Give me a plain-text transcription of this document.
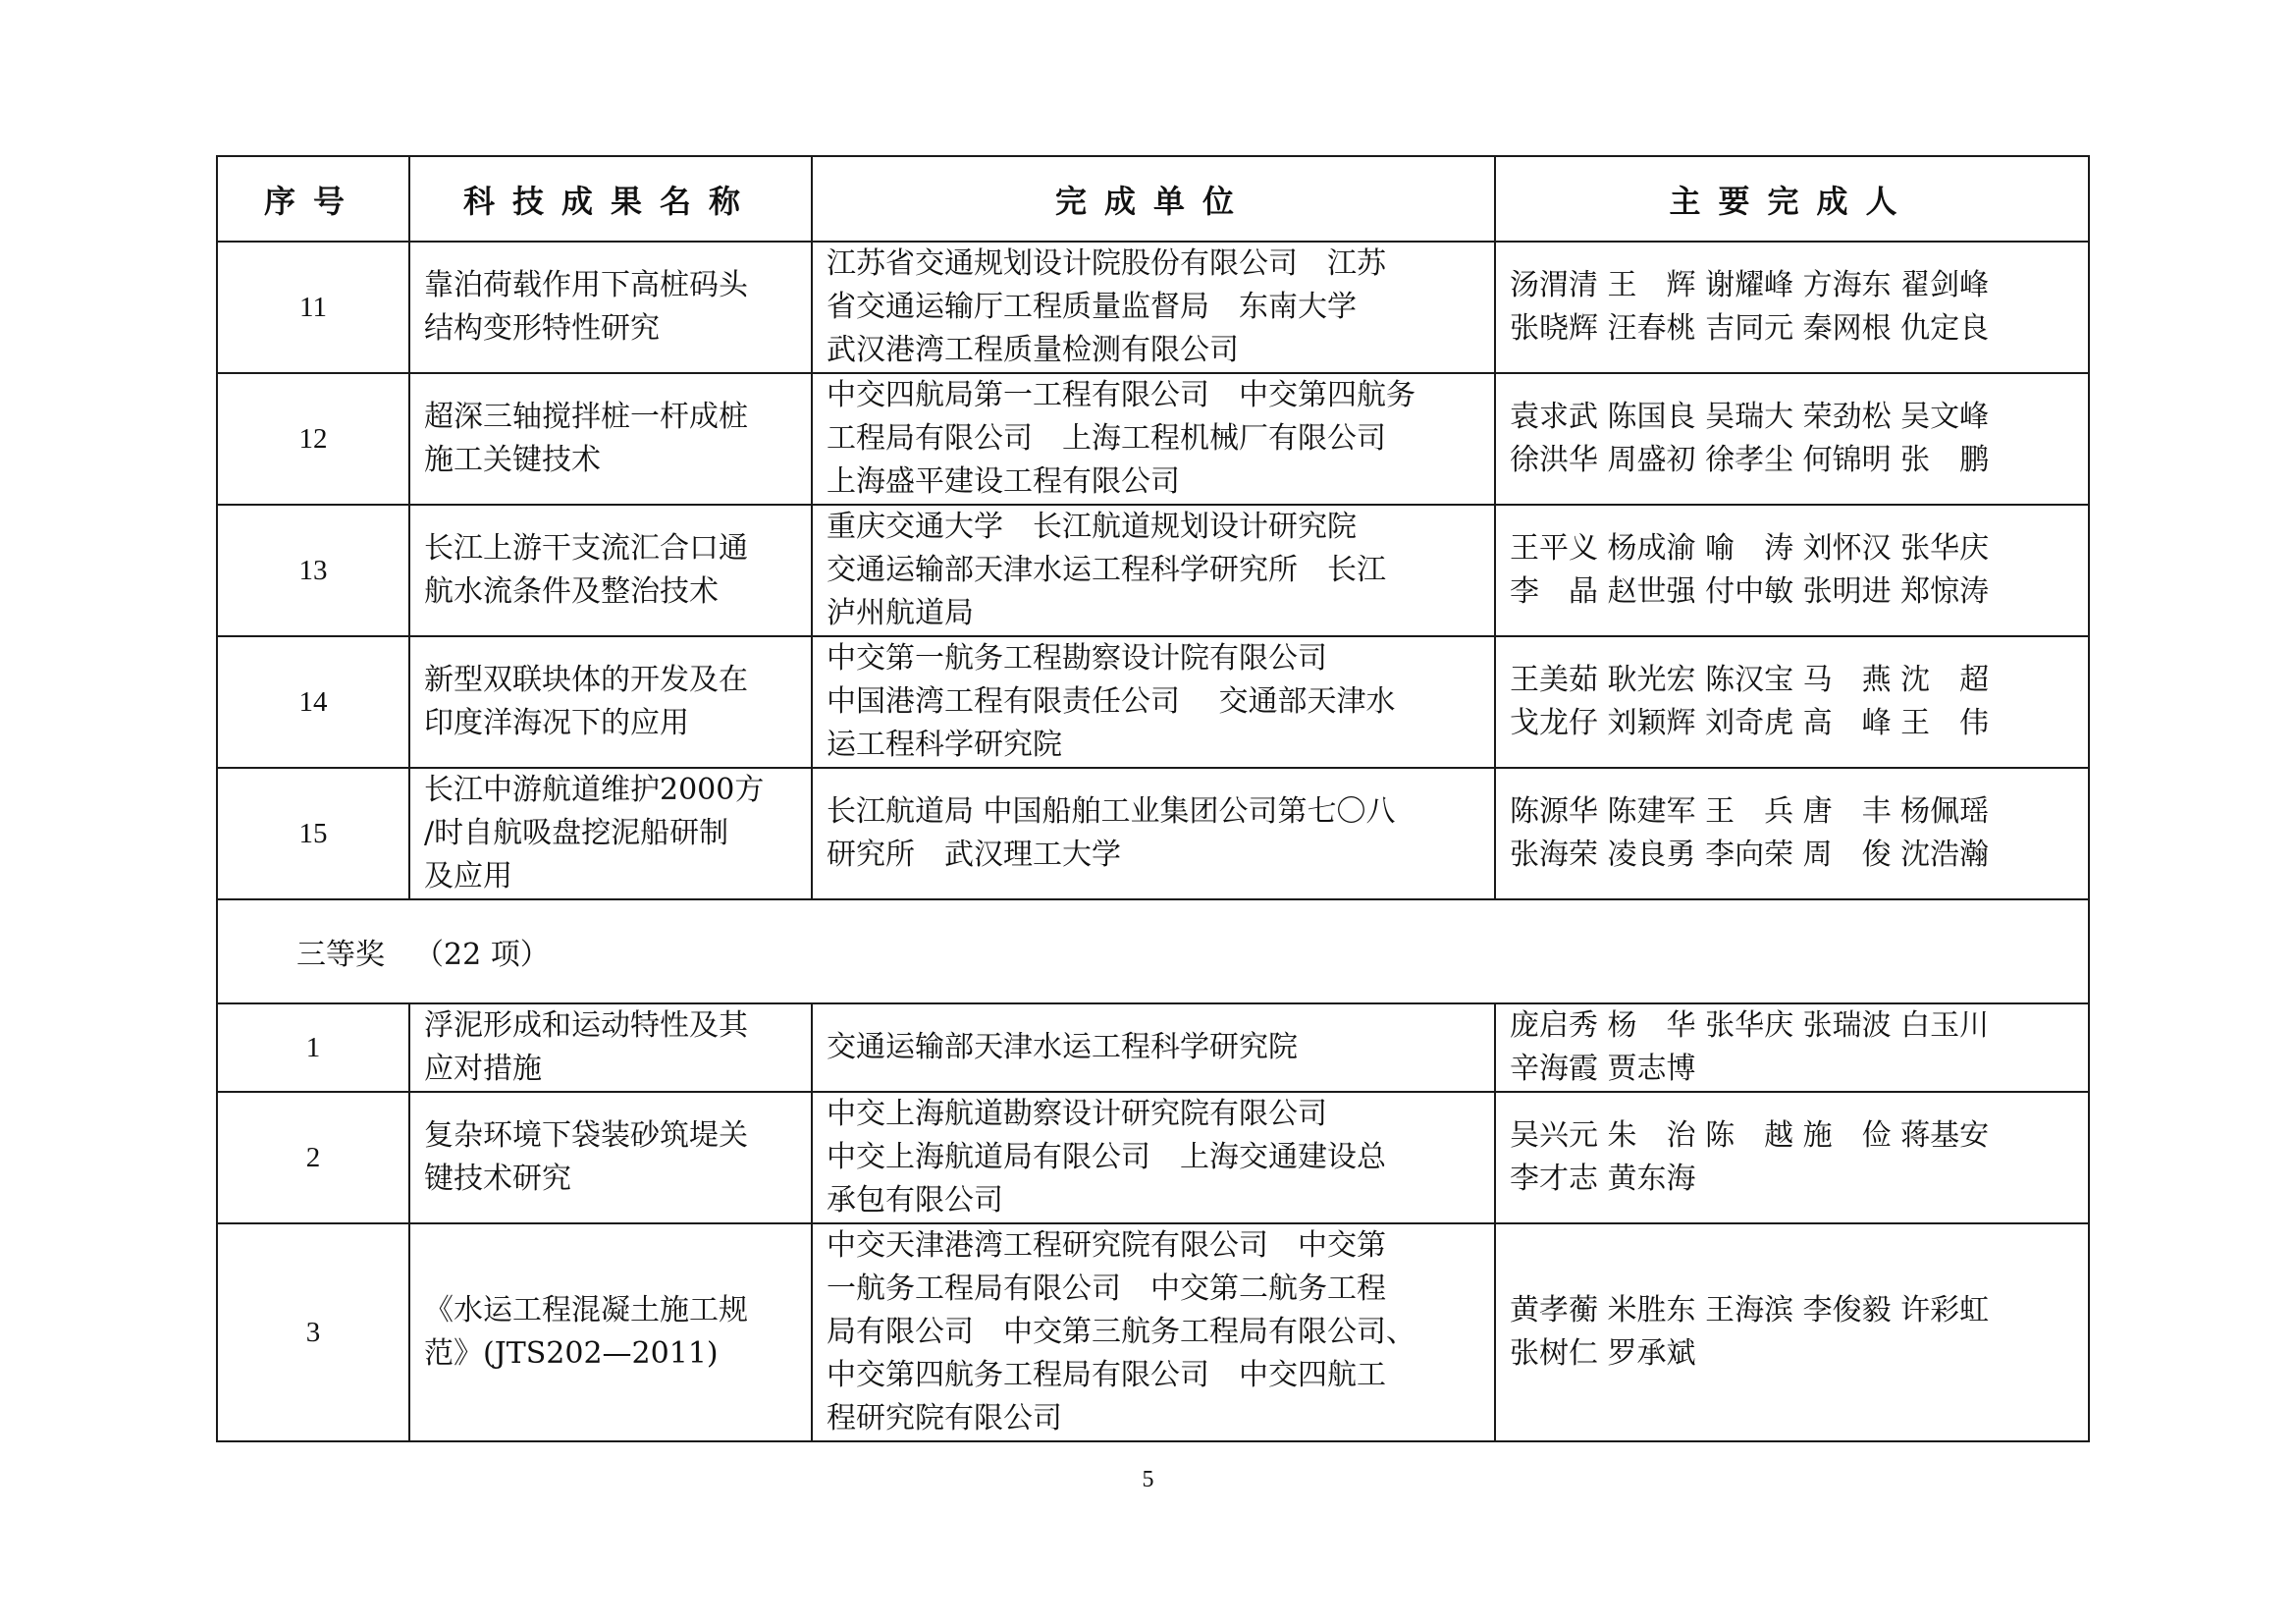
序号	科技成果名称	完成单位	主要完成人
11	靠泊荷载作用下高桩码头
结构变形特性研究	江苏省交通规划设计院股份有限公司　江苏
省交通运输厅工程质量监督局　东南大学
武汉港湾工程质量检测有限公司	汤渭清 王　辉 谢耀峰 方海东 翟剑峰
张晓辉 汪春桃 吉同元 秦网根 仇定良

12	超深三轴搅拌桩一杆成桩
施工关键技术	中交四航局第一工程有限公司　中交第四航务
工程局有限公司　上海工程机械厂有限公司
上海盛平建设工程有限公司	袁求武 陈国良 吴瑞大 荣劲松 吴文峰
徐洪华 周盛初 徐孝尘 何锦明 张　鹏

13	长江上游干支流汇合口通
航水流条件及整治技术	重庆交通大学　长江航道规划设计研究院
交通运输部天津水运工程科学研究所　长江
泸州航道局	王平义 杨成渝 喻　涛 刘怀汉 张华庆
李　晶 赵世强 付中敏 张明进 郑惊涛

14	新型双联块体的开发及在
印度洋海况下的应用	中交第一航务工程勘察设计院有限公司
中国港湾工程有限责任公司　 交通部天津水
运工程科学研究院	王美茹 耿光宏 陈汉宝 马　燕 沈　超
戈龙仔 刘颖辉 刘奇虎 高　峰 王　伟

15	长江中游航道维护2000方
/时自航吸盘挖泥船研制
及应用	长江航道局 中国船舶工业集团公司第七〇八
研究所　武汉理工大学	陈源华 陈建军 王　兵 唐　丰 杨佩瑶
张海荣 凌良勇 李向荣 周　俊 沈浩瀚

三等奖 （22 项）			
1	浮泥形成和运动特性及其
应对措施	交通运输部天津水运工程科学研究院	庞启秀 杨　华 张华庆 张瑞波 白玉川
辛海霞 贾志博

2	复杂环境下袋装砂筑堤关
键技术研究	中交上海航道勘察设计研究院有限公司
中交上海航道局有限公司　上海交通建设总
承包有限公司	吴兴元 朱　治 陈　越 施　俭 蒋基安
李才志 黄东海

3	《水运工程混凝土施工规
范》(JTS202—2011)	中交天津港湾工程研究院有限公司　中交第
一航务工程局有限公司　中交第二航务工程
局有限公司　中交第三航务工程局有限公司、
中交第四航务工程局有限公司　中交四航工
程研究院有限公司	黄孝蘅 米胜东 王海滨 李俊毅 许彩虹
张树仁 罗承斌
5
